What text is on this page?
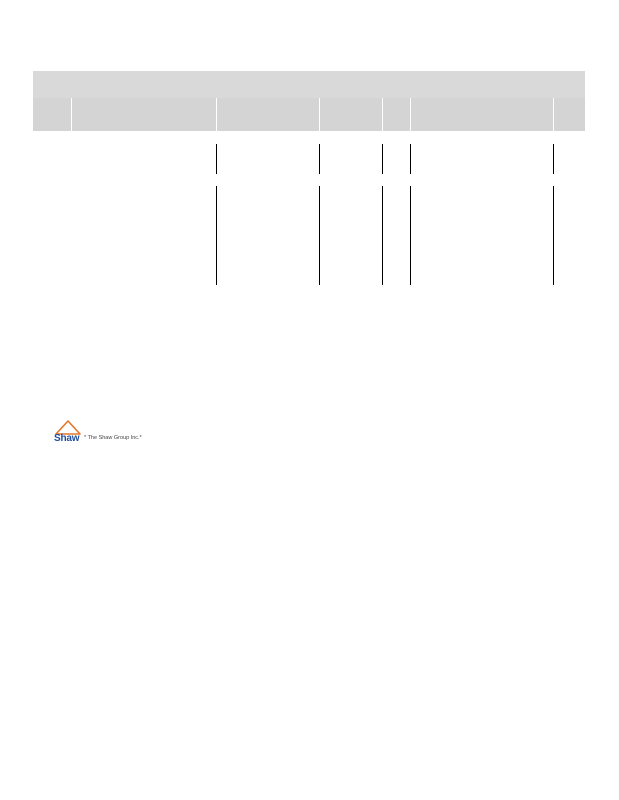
Shaw * The Shaw Group Inc.*
